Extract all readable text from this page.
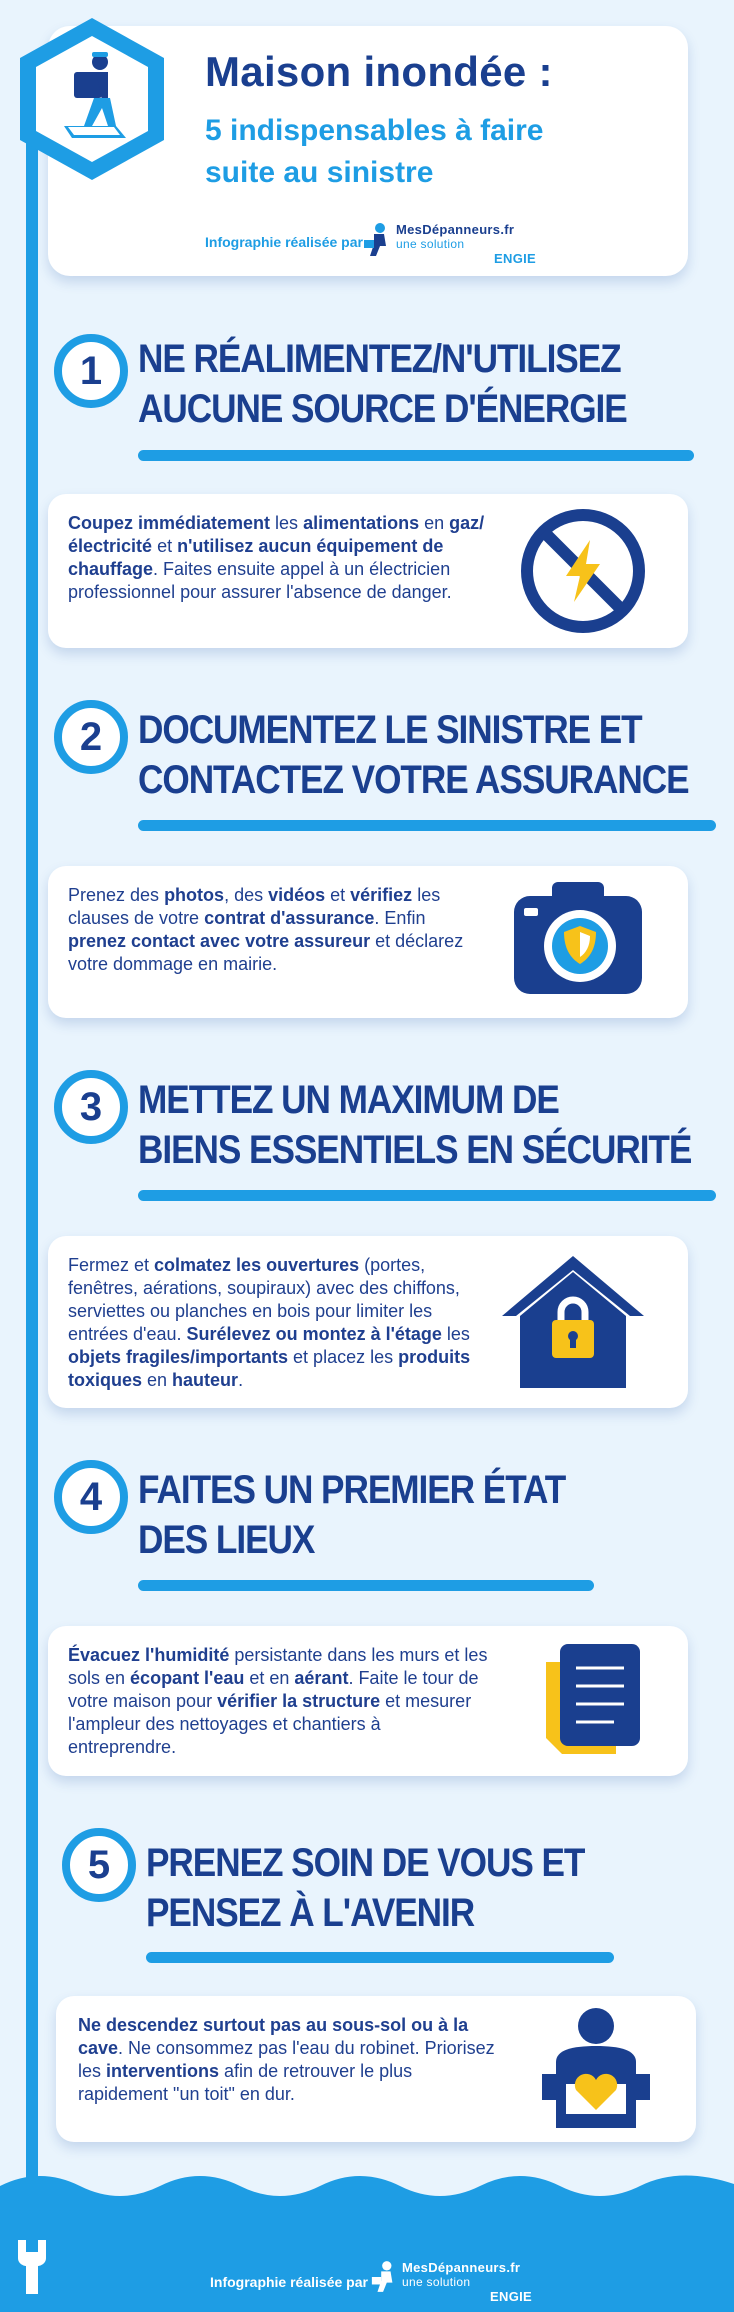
Maison inondée :
5 indispensables à faire
suite au sinistre
Infographie réalisée par
MesDépanneurs.fr
une solution
ENGIE
1 NE RÉALIMENTEZ/N'UTILISEZ
AUCUNE SOURCE D'ÉNERGIE
Coupez immédiatement les alimentations en gaz/électricité et n'utilisez aucun équipement de chauffage. Faites ensuite appel à un électricien professionnel pour assurer l'absence de danger.
2 DOCUMENTEZ LE SINISTRE ET
CONTACTEZ VOTRE ASSURANCE
Prenez des photos, des vidéos et vérifiez les clauses de votre contrat d'assurance. Enfin prenez contact avec votre assureur et déclarez votre dommage en mairie.
3 METTEZ UN MAXIMUM DE
BIENS ESSENTIELS EN SÉCURITÉ
Fermez et colmatez les ouvertures (portes, fenêtres, aérations, soupiraux) avec des chiffons, serviettes ou planches en bois pour limiter les entrées d'eau. Surélevez ou montez à l'étage les objets fragiles/importants et placez les produits toxiques en hauteur.
4 FAITES UN PREMIER ÉTAT
DES LIEUX
Évacuez l'humidité persistante dans les murs et les sols en écopant l'eau et en aérant. Faite le tour de votre maison pour vérifier la structure et mesurer l'ampleur des nettoyages et chantiers à entreprendre.
5 PRENEZ SOIN DE VOUS ET
PENSEZ À L'AVENIR
Ne descendez surtout pas au sous-sol ou à la cave. Ne consommez pas l'eau du robinet. Priorisez les interventions afin de retrouver le plus rapidement "un toit" en dur.
Infographie réalisée par
MesDépanneurs.fr
une solution
ENGIE
